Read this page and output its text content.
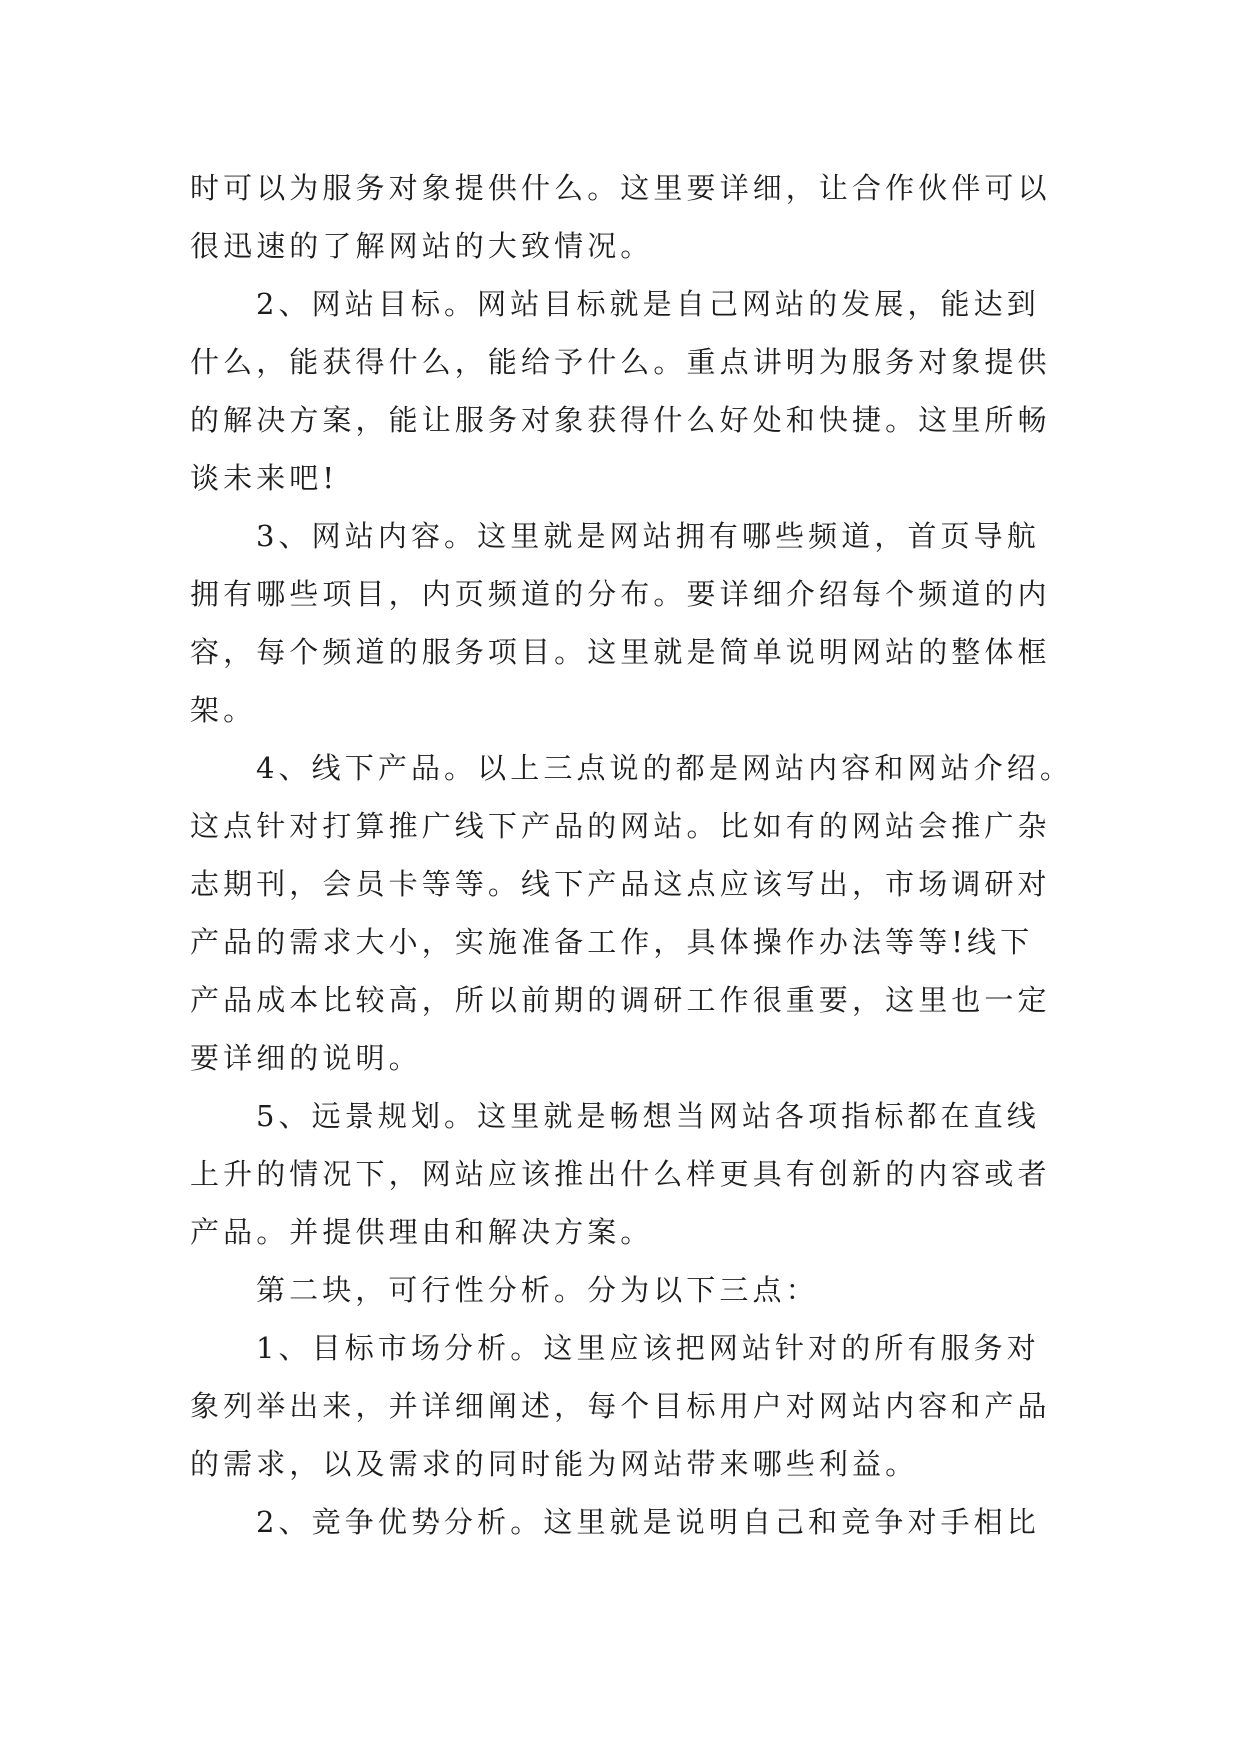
时可以为服务对象提供什么。这里要详细，让合作伙伴可以
很迅速的了解网站的大致情况。
2、网站目标。网站目标就是自己网站的发展，能达到
什么，能获得什么，能给予什么。重点讲明为服务对象提供
的解决方案，能让服务对象获得什么好处和快捷。这里所畅
谈未来吧!
3、网站内容。这里就是网站拥有哪些频道，首页导航
拥有哪些项目，内页频道的分布。要详细介绍每个频道的内
容，每个频道的服务项目。这里就是简单说明网站的整体框
架。
4、线下产品。以上三点说的都是网站内容和网站介绍。
这点针对打算推广线下产品的网站。比如有的网站会推广杂
志期刊，会员卡等等。线下产品这点应该写出，市场调研对
产品的需求大小，实施准备工作，具体操作办法等等!线下
产品成本比较高，所以前期的调研工作很重要，这里也一定
要详细的说明。
5、远景规划。这里就是畅想当网站各项指标都在直线
上升的情况下，网站应该推出什么样更具有创新的内容或者
产品。并提供理由和解决方案。
第二块，可行性分析。分为以下三点：
1、目标市场分析。这里应该把网站针对的所有服务对
象列举出来，并详细阐述，每个目标用户对网站内容和产品
的需求，以及需求的同时能为网站带来哪些利益。
2、竞争优势分析。这里就是说明自己和竞争对手相比
